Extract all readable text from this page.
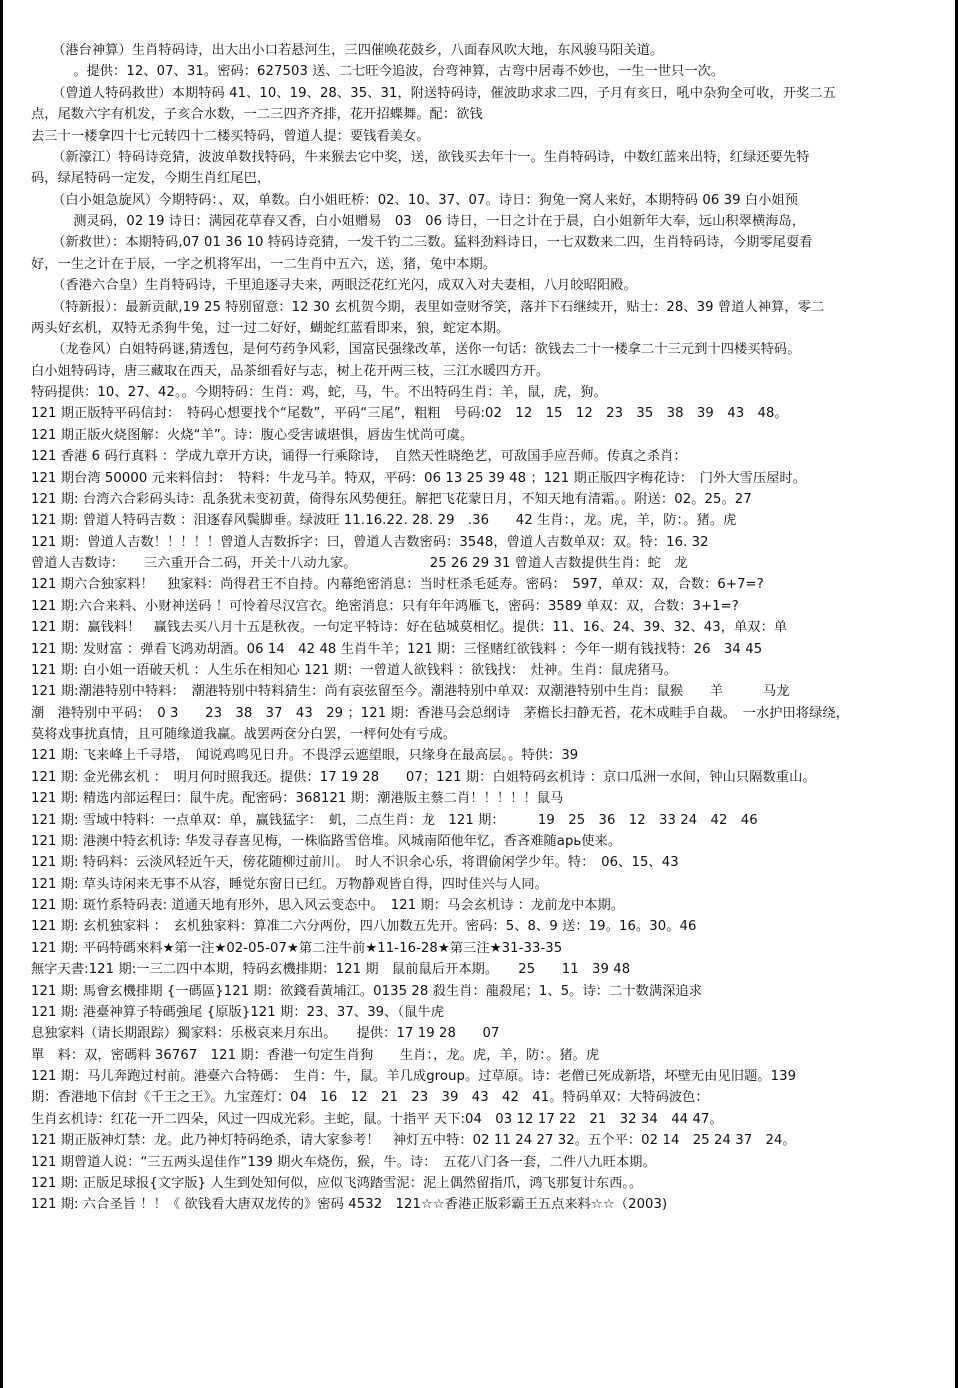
（港台神算）生肖特码诗，出大出小口若悬河生，三四催唤花鼓乡，八面春风吹大地，东风骏马阳关道。

。提供：12、07、31。密码：627503 送、二七旺今追波，台弯神算，古弯中居毒不妙也，一生一世只一次。

（曾道人特码救世）本期特码 41、10、19、28、35、31，附送特码诗，催波助求求二四，子月有亥日，吼中杂狗全可收，开奖二五

点，尾数六字有机发，子亥合水数，一二三四齐齐排，花开招蝶舞。配：欲钱

去三十一楼拿四十七元转四十二楼买特码，曾道人提：要钱看美女。

（新濠江）特码诗竞猜，波波单数找特码，牛来猴去它中奖，送，欲钱买去年十一。生肖特码诗，中数红蓝来出特，红绿还要先特

码，绿尾特码一定发，今期生肖红尾巴，

（白小姐急旋风）今期特码：、双，单数。白小姐旺桥：02、10、37、07。诗日：狗兔一窝人来好，本期特码 06 39 白小姐预

测灵码，02 19 诗日：满园花草春又香，白小姐赠易　03　06 诗日，一日之计在于晨，白小姐新年大奉，远山积翠横海岛，

（新救世）：本期特码,07 01 36 10 特码诗竞猜，一发千钓二三数。猛料劲料诗日，一七双数来二四，生肖特码诗，今期零尾耍看

好，一生之计在于辰，一字之机将军出，一二生肖中五六，送，猪，兔中本期。

（香港六合皇）生肖特码诗，千里追逐寻夫来，两眼泛花红光闪，成双入对夫妻相，八月皎昭阳殿。

（特新报）：最新贡献,19 25 特别留意：12 30 玄机贺今期，表里如壹财爷笑，落并下石继续开，贴士：28、39 曾道人神算，零二

两头好玄机，双特无杀狗牛兔，过一过二好好，蝴蛇红蓝看即来，狼，蛇定本期。

（龙卷风）白姐特码谜,猜透包，是何芍药争风彩，国富民强缘改革，送你一句话：欲钱去二十一楼拿二十三元到十四楼买特码。

白小姐特码诗，唐三藏取在西天，品茶细看好与志，树上花开两三枝，三江水暖四方开。

特码提供：10、27、42。。今期特码：生肖：鸡，蛇，马，牛。不出特码生肖：羊，鼠，虎，狗。

121 期正版特平码信封：　特码心想要找个“尾数”，平码“三尾”，粗粗　号码:02　12　15　12　23　35　38　39　43　48。

121 期正版火烧图解：火烧“羊”。诗：腹心受害诚堪惧，唇齿生忧尚可虞。

121 香港 6 码行真料 ：学成九章开方诀，诵得一行乘除诗，　自然天性晓绝艺，可敌国手应吾师。传真之杀肖：

121 期台湾 50000 元来料信封：　特料：牛龙马羊。特双，平码：06 13 25 39 48 ；121 期正版四字梅花诗：　门外大雪压屋时。

121 期: 台湾六合彩码头诗：乱条犹未变初黄，倚得东风势便狂。解把飞花蒙日月，不知天地有清霜。。附送：02。25。27

121 期: 曾道人特码吉数 ：泪逐春风鬓脚垂。绿波旺 11.16.22. 28. 29　.36　　42 生肖：，龙。虎，羊，防：。猪。虎

121 期：曾道人吉数！！！！！曾道人吉数拆字：曰，曾道人吉数密码：3548，曾道人吉数单双：双。特：16. 32

曾道人吉数诗：　　三六重开合二码，开关十八动九家。　　　　　　25 26 29 31 曾道人吉数提供生肖：蛇　龙

121 期六合独家料！　独家料：尚得君王不自持。内幕绝密消息：当时枉杀毛延寿。密码：　597，单双：双，合数：6+7=?

121 期:六合来料、小财神送码 ！可怜着尽汉宫衣。绝密消息：只有年年鸿雁飞，密码：3589 单双：双，合数：3+1=?

121 期：赢钱料！　赢钱去买八月十五是秋夜。一句定平特诗：好在毡城莫相忆。提供：11、16、24、39、32、43，单双：单

121 期: 发财富 ：弹看飞鸿劝胡酒。06 14　42 48 生肖牛羊；121 期：三怪赌红欲钱料 ：今年一期有钱找特：26　34 45

121 期: 白小姐一语破天机 ：人生乐在相知心 121 期：一曾道人欲钱料 ：欲钱找：　灶神。生肖：鼠虎猪马。

121 期:潮港特别中特料：　潮港特别中特料猜生：尚有哀弦留至今。潮港特别中单双：双潮港特别中生肖：鼠猴　　羊　　　马龙

潮　港特别中平码：　0 3　　23　38　37　43　29 ；121 期：香港马会总纲诗　茅檐长扫静无苔，花木成畦手自裁。　一水护田将绿绕，

莫将戏事扰真情，且可随缘道我赢。战罢两奁分白罢，一枰何处有亏成。

121 期: 飞来峰上千寻塔，　闻说鸡鸣见日升。不畏浮云遮望眼，只缘身在最高层。。特供：39

121 期: 金光佛玄机 ：　明月何时照我还。提供：17 19 28　　07；121 期：白姐特码玄机诗 ：京口瓜洲一水间，钟山只隔数重山。

121 期: 精选内部运程曰：鼠牛虎。配密码：368121 期：潮港版主蔡二肖！！！！！鼠马

121 期: 雪域中特料：一点单双：单，赢钱猛字：　虮，二点生肖：龙　121 期：　　　19　25　36　12　33 24　42　46

121 期: 港澳中特玄机诗: 华发寻春喜见梅，一株临路雪倍堆。风城南陌他年忆，香吝难随арь使来。

121 期: 特码料：云淡风轻近午天，傍花随柳过前川。　时人不识余心乐，将谓偷闲学少年。特：　06、15、43

121 期: 草头诗闲来无事不从容，睡觉东窗日已红。万物静观皆自得，四时佳兴与人同。

121 期: 斑竹系特码表: 道通天地有形外，思入风云变态中。　121 期：马会玄机诗 ：龙前龙中本期。

121 期: 玄机独家料 ：　玄机独家料：算准二六分两份，四八加数五先开。密码：5、8、9 送：19。16。30。46

121 期: 平码特碼來料★第一注★02-05-07★第二注牛前★11-16-28★第三注★31-33-35

無字天書:121 期:一三二四中本期，特码玄機排期：121 期　鼠前鼠后开本期。　　25　　11　39 48

121 期: 馬會玄機排期 {一碼區}121 期：欲錢看黃埔江。0135 28 殺生肖：龍殺尾；1、5。诗：二十数满深追求

121 期: 港臺神算子特碼強尾 {原版}121 期：23、37、39、（鼠牛虎

息独家料（请长期跟踪）獨家料：乐极哀来月东出。　　提供：17 19 28　　07

單　料：双，密碼料 36767　121 期：香港一句定生肖狗　　生肖：，龙。虎，羊，防：。猪。虎

121 期：马儿奔跑过村前。港臺六合特碼：　生肖：牛，鼠。羊几成group。过草原。诗：老僧已死成新塔，坏壁无由见旧题。139

期：香港地下信封《千王之王》。九宝莲灯：04　16　12　21　23　39　43　42　41。特码单双：大特码波色：

生肖玄机诗：红花一开二四朵，风过一四成光彩。主蛇，鼠。十指平 天下:04　03 12 17 22　21　32 34　44 47。

121 期正版神灯禁：龙。此乃神灯特码绝杀，请大家参考！　神灯五中特：02 11 24 27 32。五个平：02 14　25 24 37　24。

121 期曾道人说：“三五两头逞佳作”139 期火车烧伤，猴，牛。诗：　五花八门各一套，二件八九旺本期。

121 期: 正版足球报{文字版} 人生到处知何似，应似飞鸿踏雪泥：泥上偶然留指爪，鸿飞那复计东西。。

121 期: 六合圣旨 ！！《 欲钱看大唐双龙传的》密码 4532　121☆☆香港正版彩霸王五点来料☆☆（2003)
